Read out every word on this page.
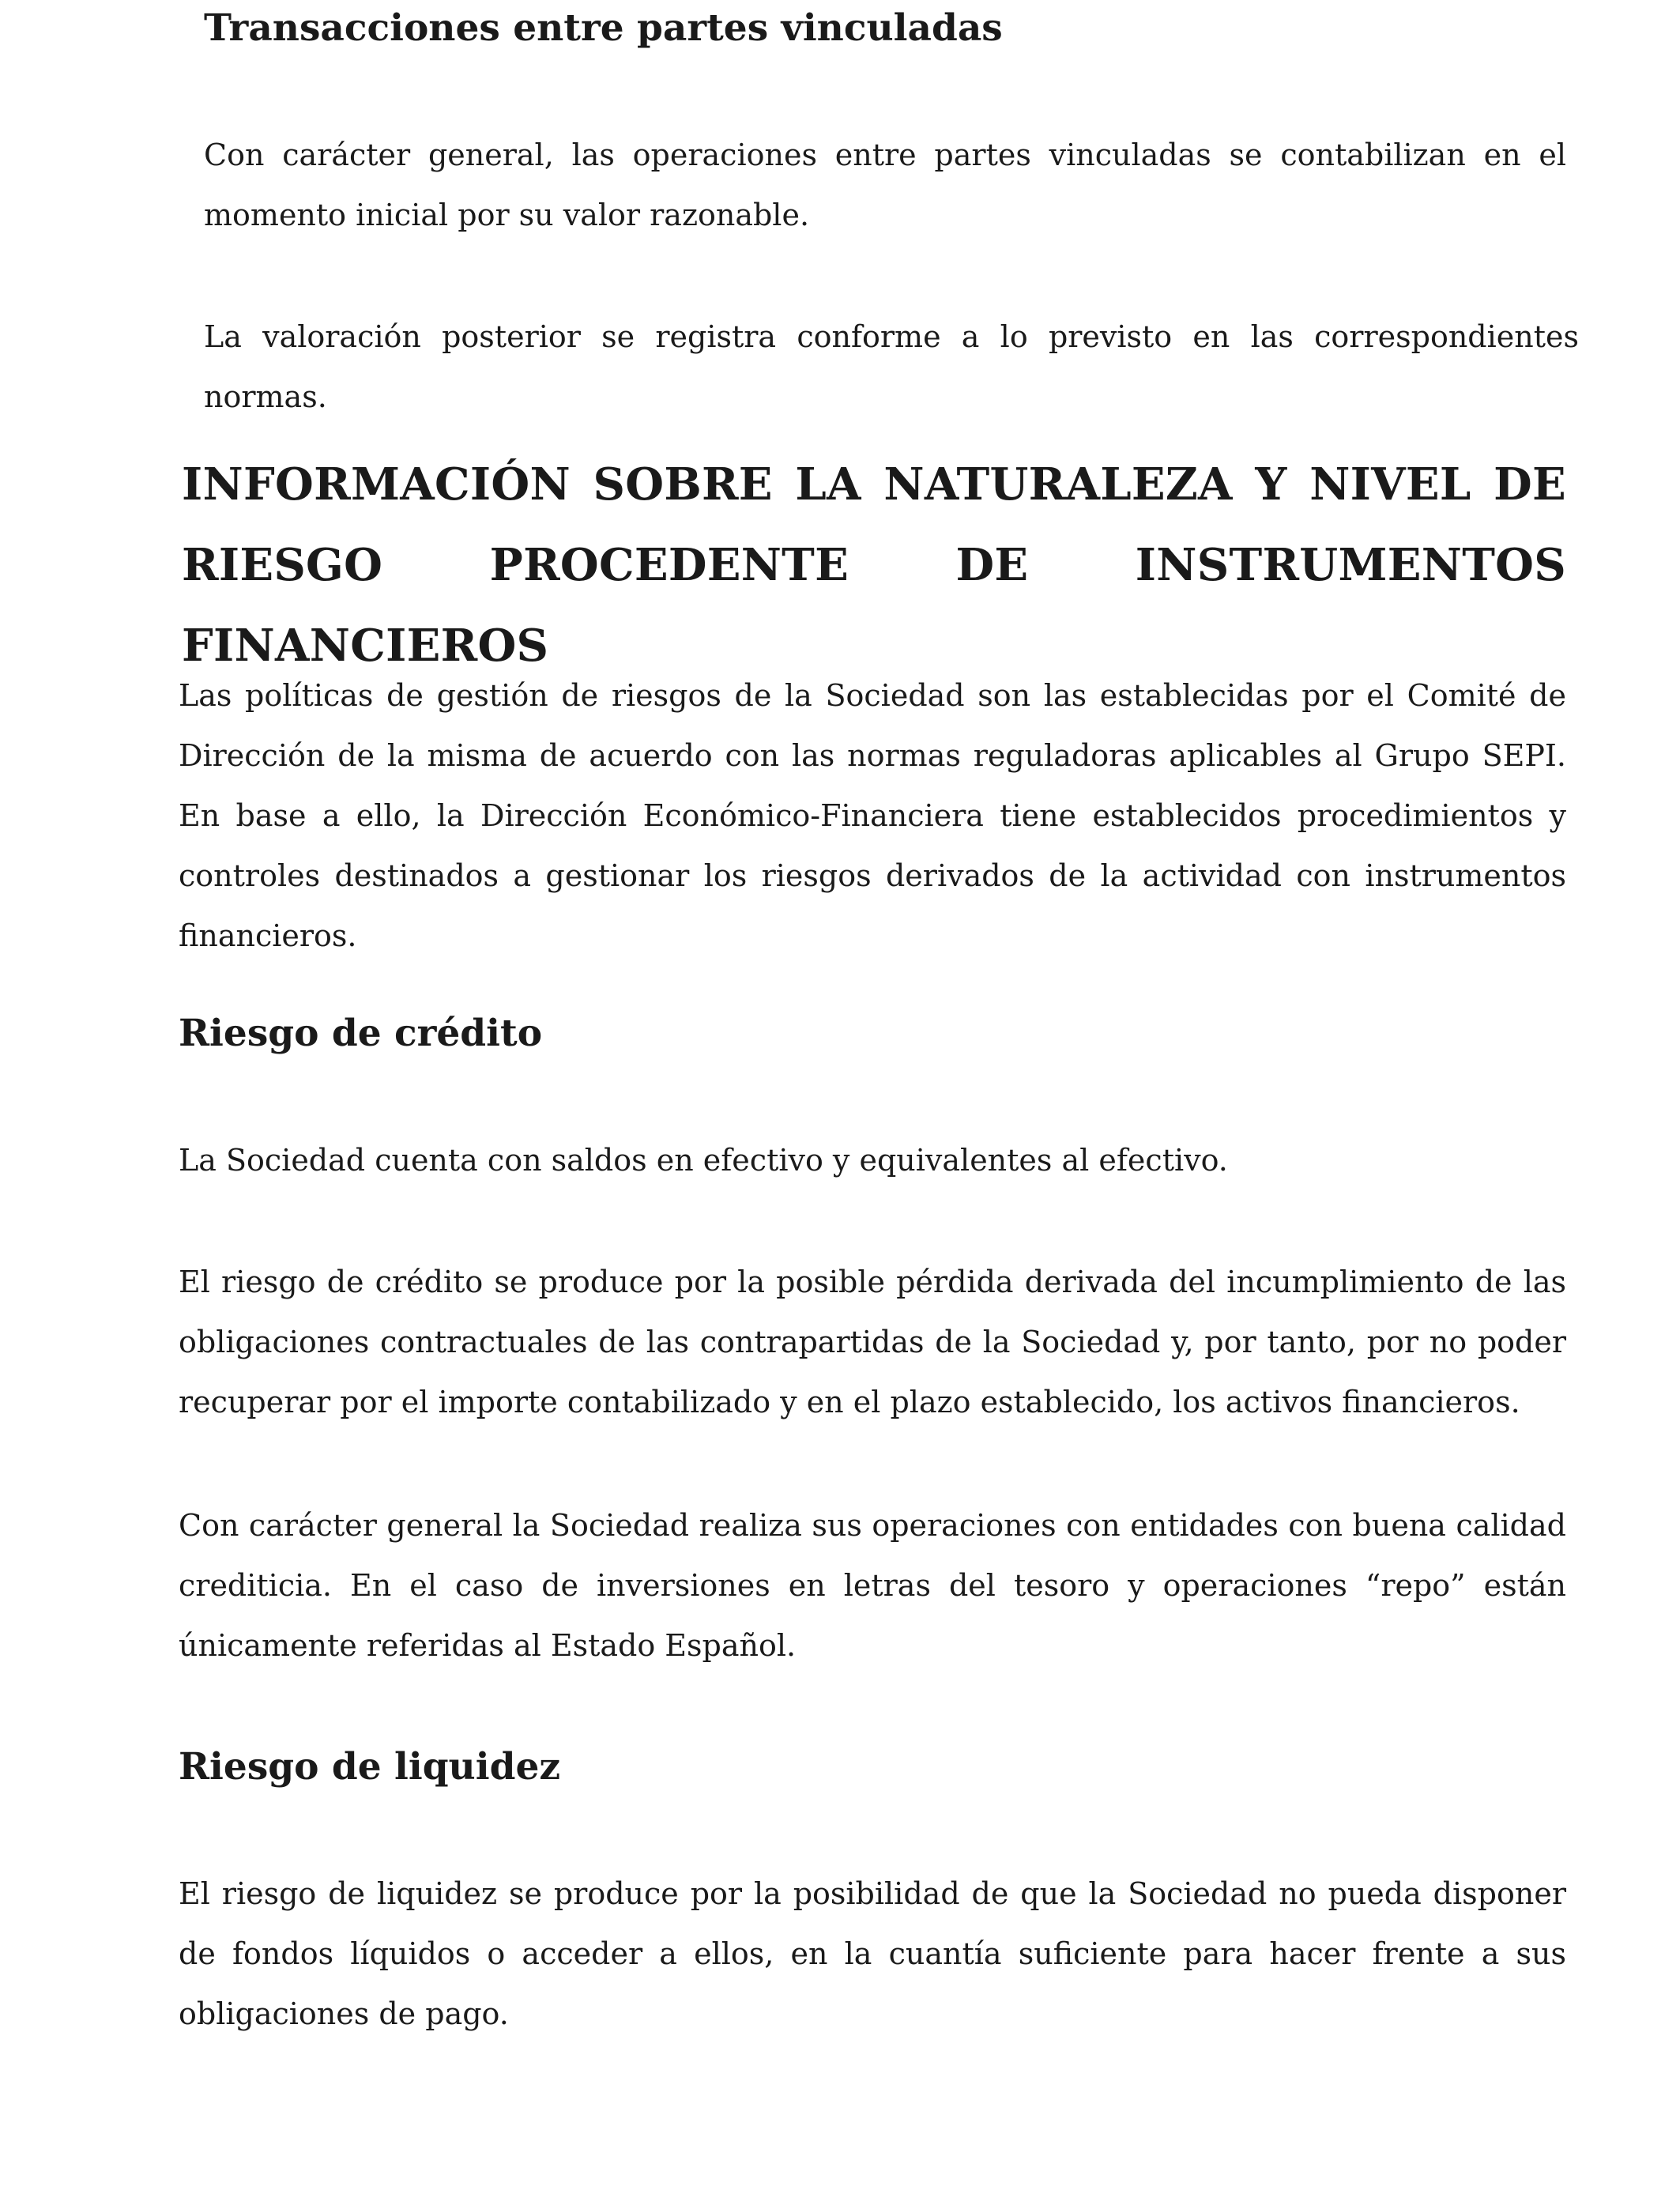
Transacciones entre partes vinculadas

Con carácter general, las operaciones entre partes vinculadas se contabilizan en el momento inicial por su valor razonable.

La valoración posterior se registra conforme a lo previsto en las correspondientes normas.

INFORMACIÓN SOBRE LA NATURALEZA Y NIVEL DE RIESGO PROCEDENTE DE INSTRUMENTOS FINANCIEROS

Las políticas de gestión de riesgos de la Sociedad son las establecidas por el Comité de Dirección de la misma de acuerdo con las normas reguladoras aplicables al Grupo SEPI. En base a ello, la Dirección Económico-Financiera tiene establecidos procedimientos y controles destinados a gestionar los riesgos derivados de la actividad con instrumentos financieros.

Riesgo de crédito

La Sociedad cuenta con saldos en efectivo y equivalentes al efectivo.

El riesgo de crédito se produce por la posible pérdida derivada del incumplimiento de las obligaciones contractuales de las contrapartidas de la Sociedad y, por tanto, por no poder recuperar por el importe contabilizado y en el plazo establecido, los activos financieros.

Con carácter general la Sociedad realiza sus operaciones con entidades con buena calidad crediticia. En el caso de inversiones en letras del tesoro y operaciones “repo” están únicamente referidas al Estado Español.

Riesgo de liquidez

El riesgo de liquidez se produce por la posibilidad de que la Sociedad no pueda disponer de fondos líquidos o acceder a ellos, en la cuantía suficiente para hacer frente a sus obligaciones de pago.
